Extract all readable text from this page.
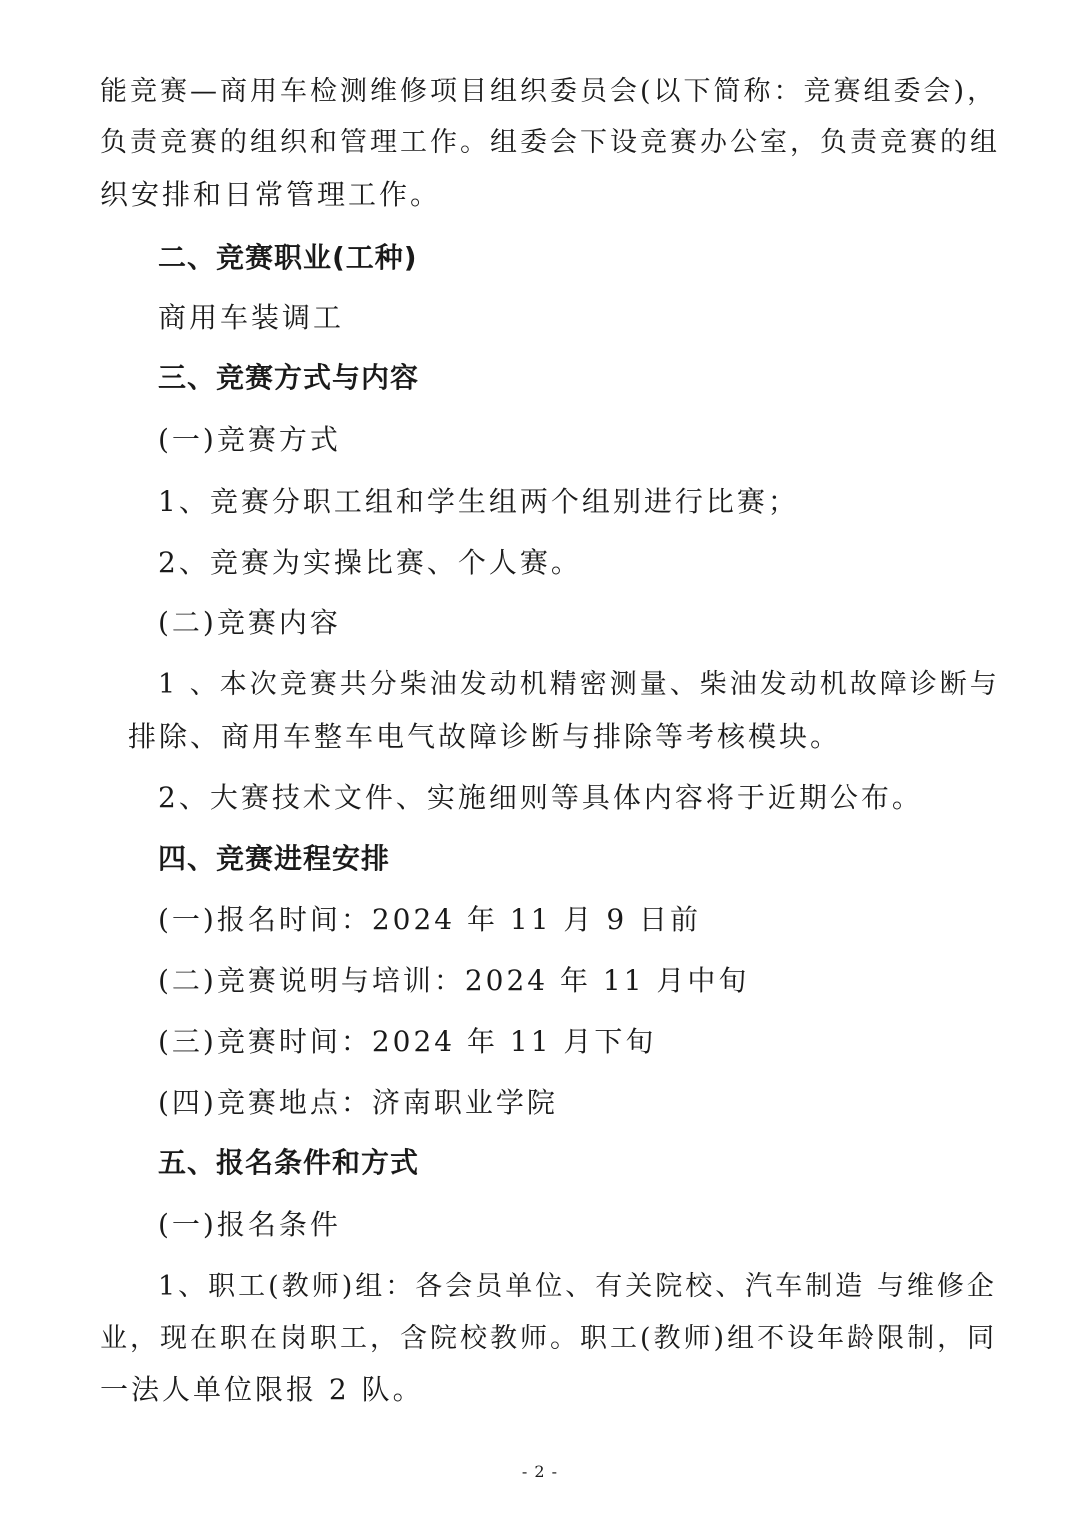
能竞赛—商用车检测维修项目组织委员会(以下简称：竞赛组委会)，
负责竞赛的组织和管理工作。组委会下设竞赛办公室，负责竞赛的组
织安排和日常管理工作。
二、竞赛职业(工种)
商用车装调工
三、竞赛方式与内容
(一)竞赛方式
1、竞赛分职工组和学生组两个组别进行比赛；
2、竞赛为实操比赛、个人赛。
(二)竞赛内容
1 、本次竞赛共分柴油发动机精密测量、柴油发动机故障诊断与
排除、商用车整车电气故障诊断与排除等考核模块。
2、大赛技术文件、实施细则等具体内容将于近期公布。
四、竞赛进程安排
(一)报名时间：2024 年 11 月 9 日前
(二)竞赛说明与培训：2024 年 11 月中旬
(三)竞赛时间：2024 年 11 月下旬
(四)竞赛地点：济南职业学院
五、报名条件和方式
(一)报名条件
1、职工(教师)组：各会员单位、有关院校、汽车制造 与维修企
业，现在职在岗职工，含院校教师。职工(教师)组不设年龄限制，同
一法人单位限报 2 队。
- 2 -
